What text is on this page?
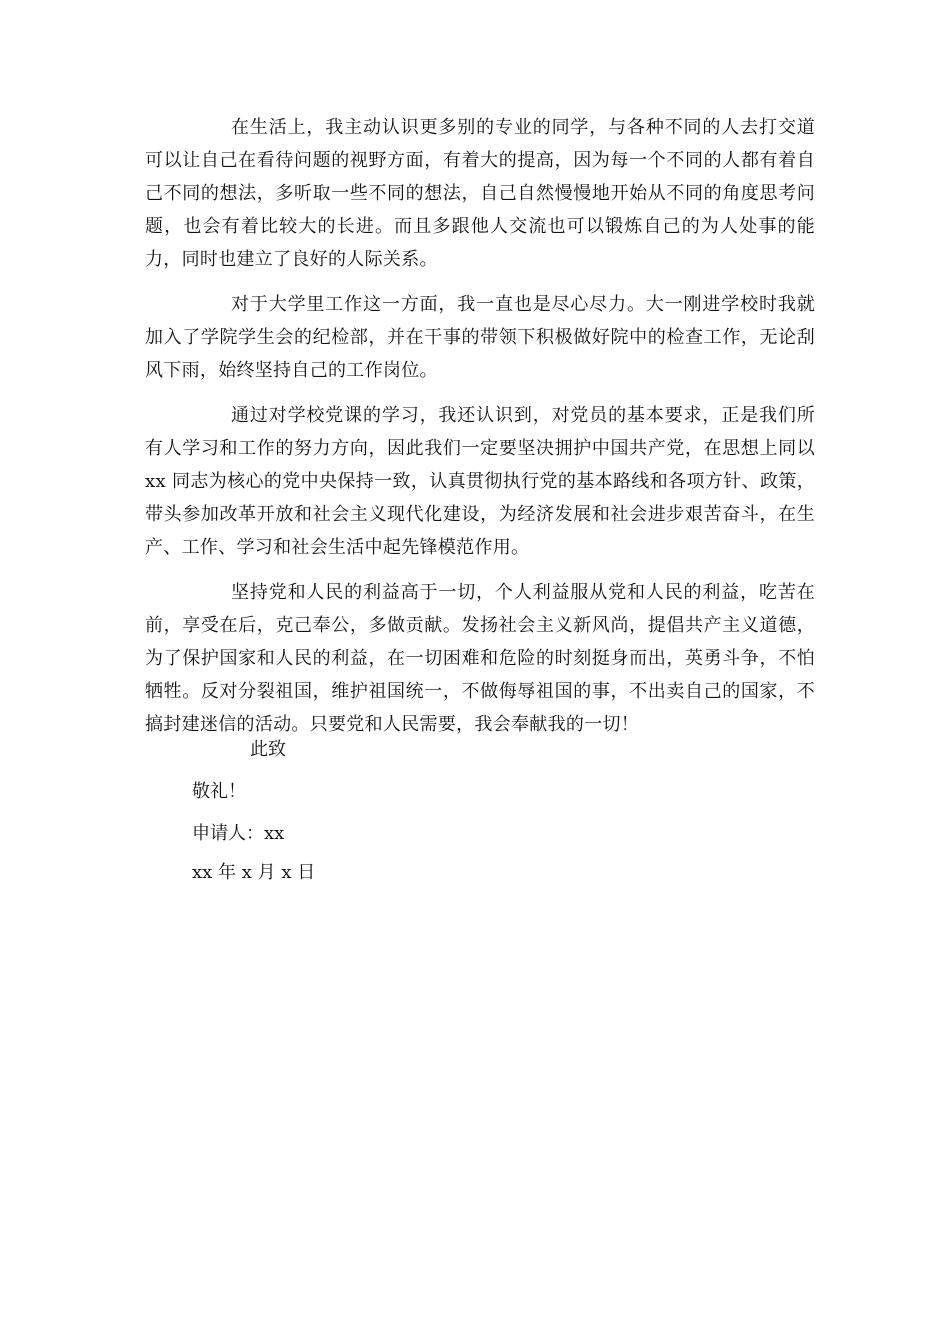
在生活上，我主动认识更多别的专业的同学，与各种不同的人去打交道可以让自己在看待问题的视野方面，有着大的提高，因为每一个不同的人都有着自己不同的想法，多听取一些不同的想法，自己自然慢慢地开始从不同的角度思考问题，也会有着比较大的长进。而且多跟他人交流也可以锻炼自己的为人处事的能力，同时也建立了良好的人际关系。

对于大学里工作这一方面，我一直也是尽心尽力。大一刚进学校时我就加入了学院学生会的纪检部，并在干事的带领下积极做好院中的检查工作，无论刮风下雨，始终坚持自己的工作岗位。

通过对学校党课的学习，我还认识到，对党员的基本要求，正是我们所有人学习和工作的努力方向，因此我们一定要坚决拥护中国共产党，在思想上同以 xx 同志为核心的党中央保持一致，认真贯彻执行党的基本路线和各项方针、政策，带头参加改革开放和社会主义现代化建设，为经济发展和社会进步艰苦奋斗，在生产、工作、学习和社会生活中起先锋模范作用。

坚持党和人民的利益高于一切，个人利益服从党和人民的利益，吃苦在前，享受在后，克己奉公，多做贡献。发扬社会主义新风尚，提倡共产主义道德，为了保护国家和人民的利益，在一切困难和危险的时刻挺身而出，英勇斗争，不怕牺牲。反对分裂祖国，维护祖国统一，不做侮辱祖国的事，不出卖自己的国家，不搞封建迷信的活动。只要党和人民需要，我会奉献我的一切！

此致

敬礼！

申请人：xx

xx 年 x 月 x 日
